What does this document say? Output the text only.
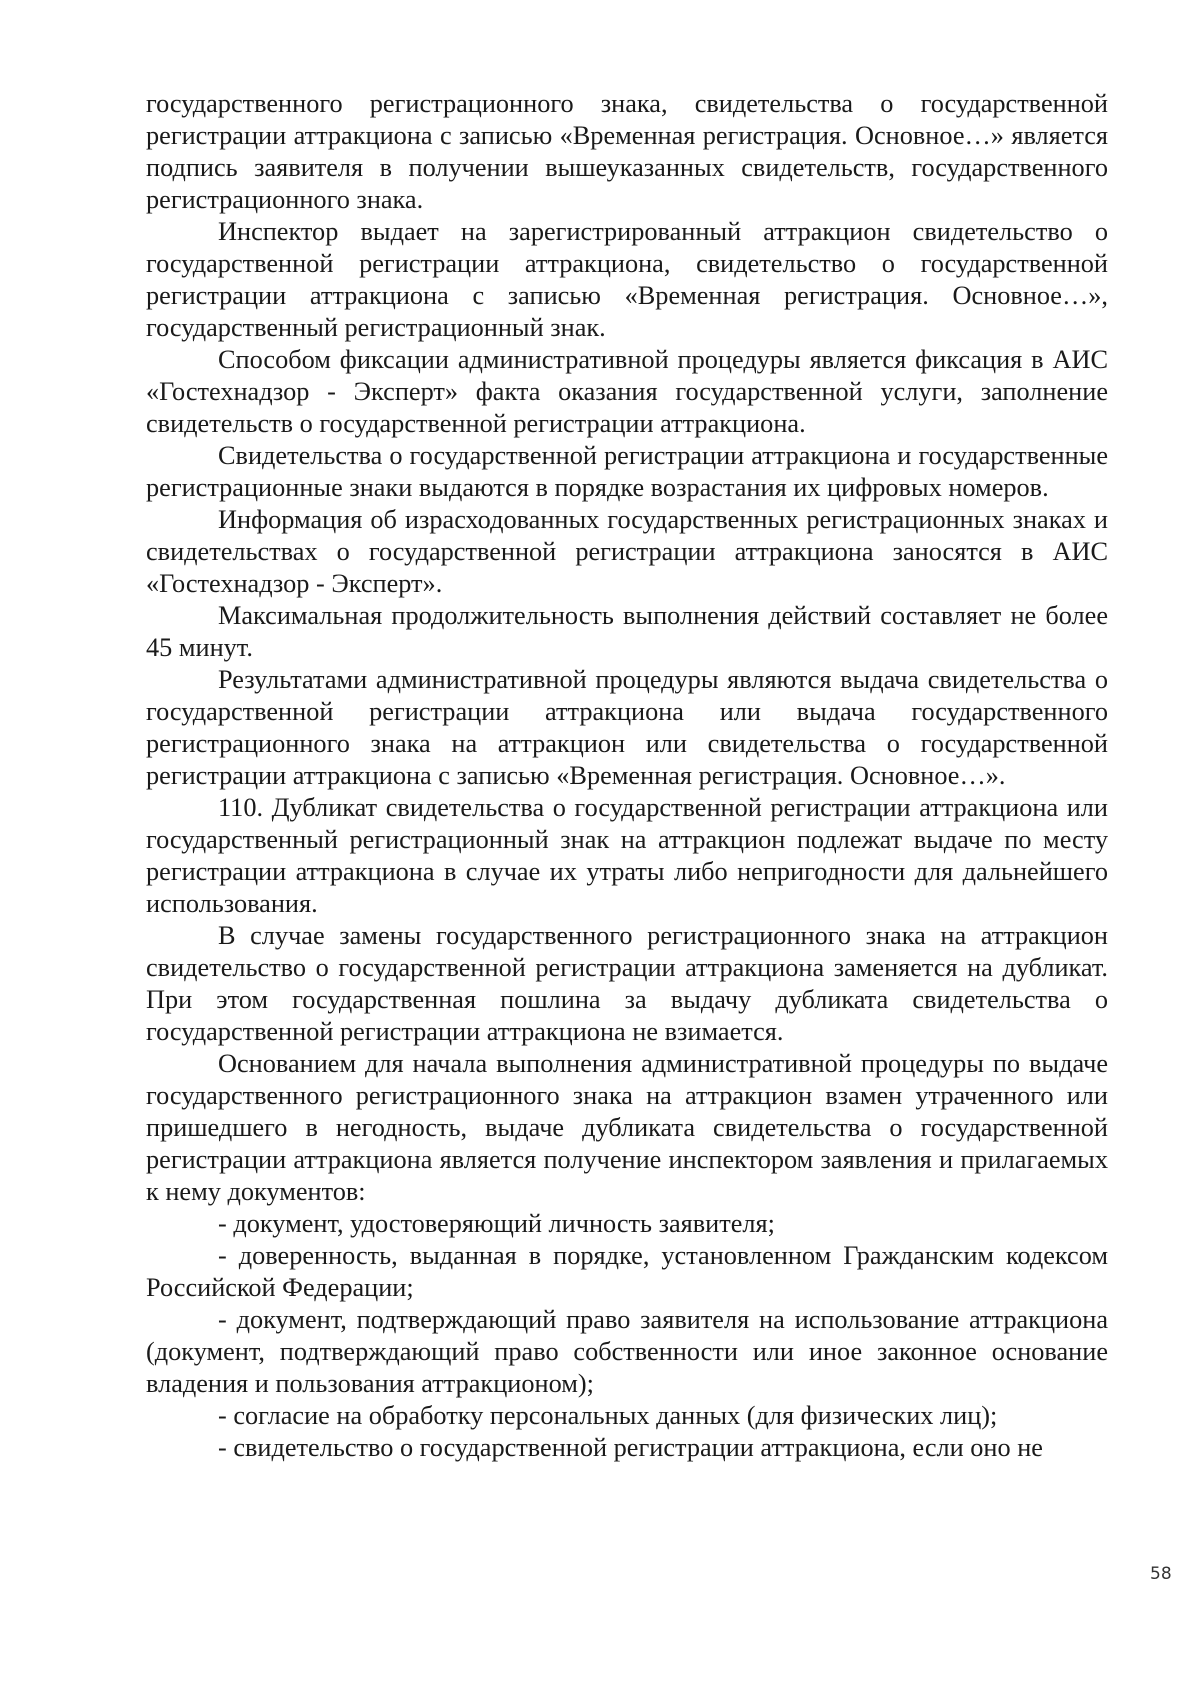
государственного регистрационного знака, свидетельства о государственной регистрации аттракциона с записью «Временная регистрация. Основное…» является подпись заявителя в получении вышеуказанных свидетельств, государственного регистрационного знака.

Инспектор выдает на зарегистрированный аттракцион свидетельство о государственной регистрации аттракциона, свидетельство о государственной регистрации аттракциона с записью «Временная регистрация. Основное…», государственный регистрационный знак.

Способом фиксации административной процедуры является фиксация в АИС «Гостехнадзор - Эксперт» факта оказания государственной услуги, заполнение свидетельств о государственной регистрации аттракциона.

Свидетельства о государственной регистрации аттракциона и государственные регистрационные знаки выдаются в порядке возрастания их цифровых номеров.

Информация об израсходованных государственных регистрационных знаках и свидетельствах о государственной регистрации аттракциона заносятся в АИС «Гостехнадзор - Эксперт».

Максимальная продолжительность выполнения действий составляет не более 45 минут.

Результатами административной процедуры являются выдача свидетельства о государственной регистрации аттракциона или выдача государственного регистрационного знака на аттракцион или свидетельства о государственной регистрации аттракциона с записью «Временная регистрация. Основное…».

110. Дубликат свидетельства о государственной регистрации аттракциона или государственный регистрационный знак на аттракцион подлежат выдаче по месту регистрации аттракциона в случае их утраты либо непригодности для дальнейшего использования.

В случае замены государственного регистрационного знака на аттракцион свидетельство о государственной регистрации аттракциона заменяется на дубликат. При этом государственная пошлина за выдачу дубликата свидетельства о государственной регистрации аттракциона не взимается.

Основанием для начала выполнения административной процедуры по выдаче государственного регистрационного знака на аттракцион взамен утраченного или пришедшего в негодность, выдаче дубликата свидетельства о государственной регистрации аттракциона является получение инспектором заявления и прилагаемых к нему документов:

- документ, удостоверяющий личность заявителя;

- доверенность, выданная в порядке, установленном Гражданским кодексом Российской Федерации;

- документ, подтверждающий право заявителя на использование аттракциона (документ, подтверждающий право собственности или иное законное основание владения и пользования аттракционом);

- согласие на обработку персональных данных (для физических лиц);

- свидетельство о государственной регистрации аттракциона, если оно не

58
